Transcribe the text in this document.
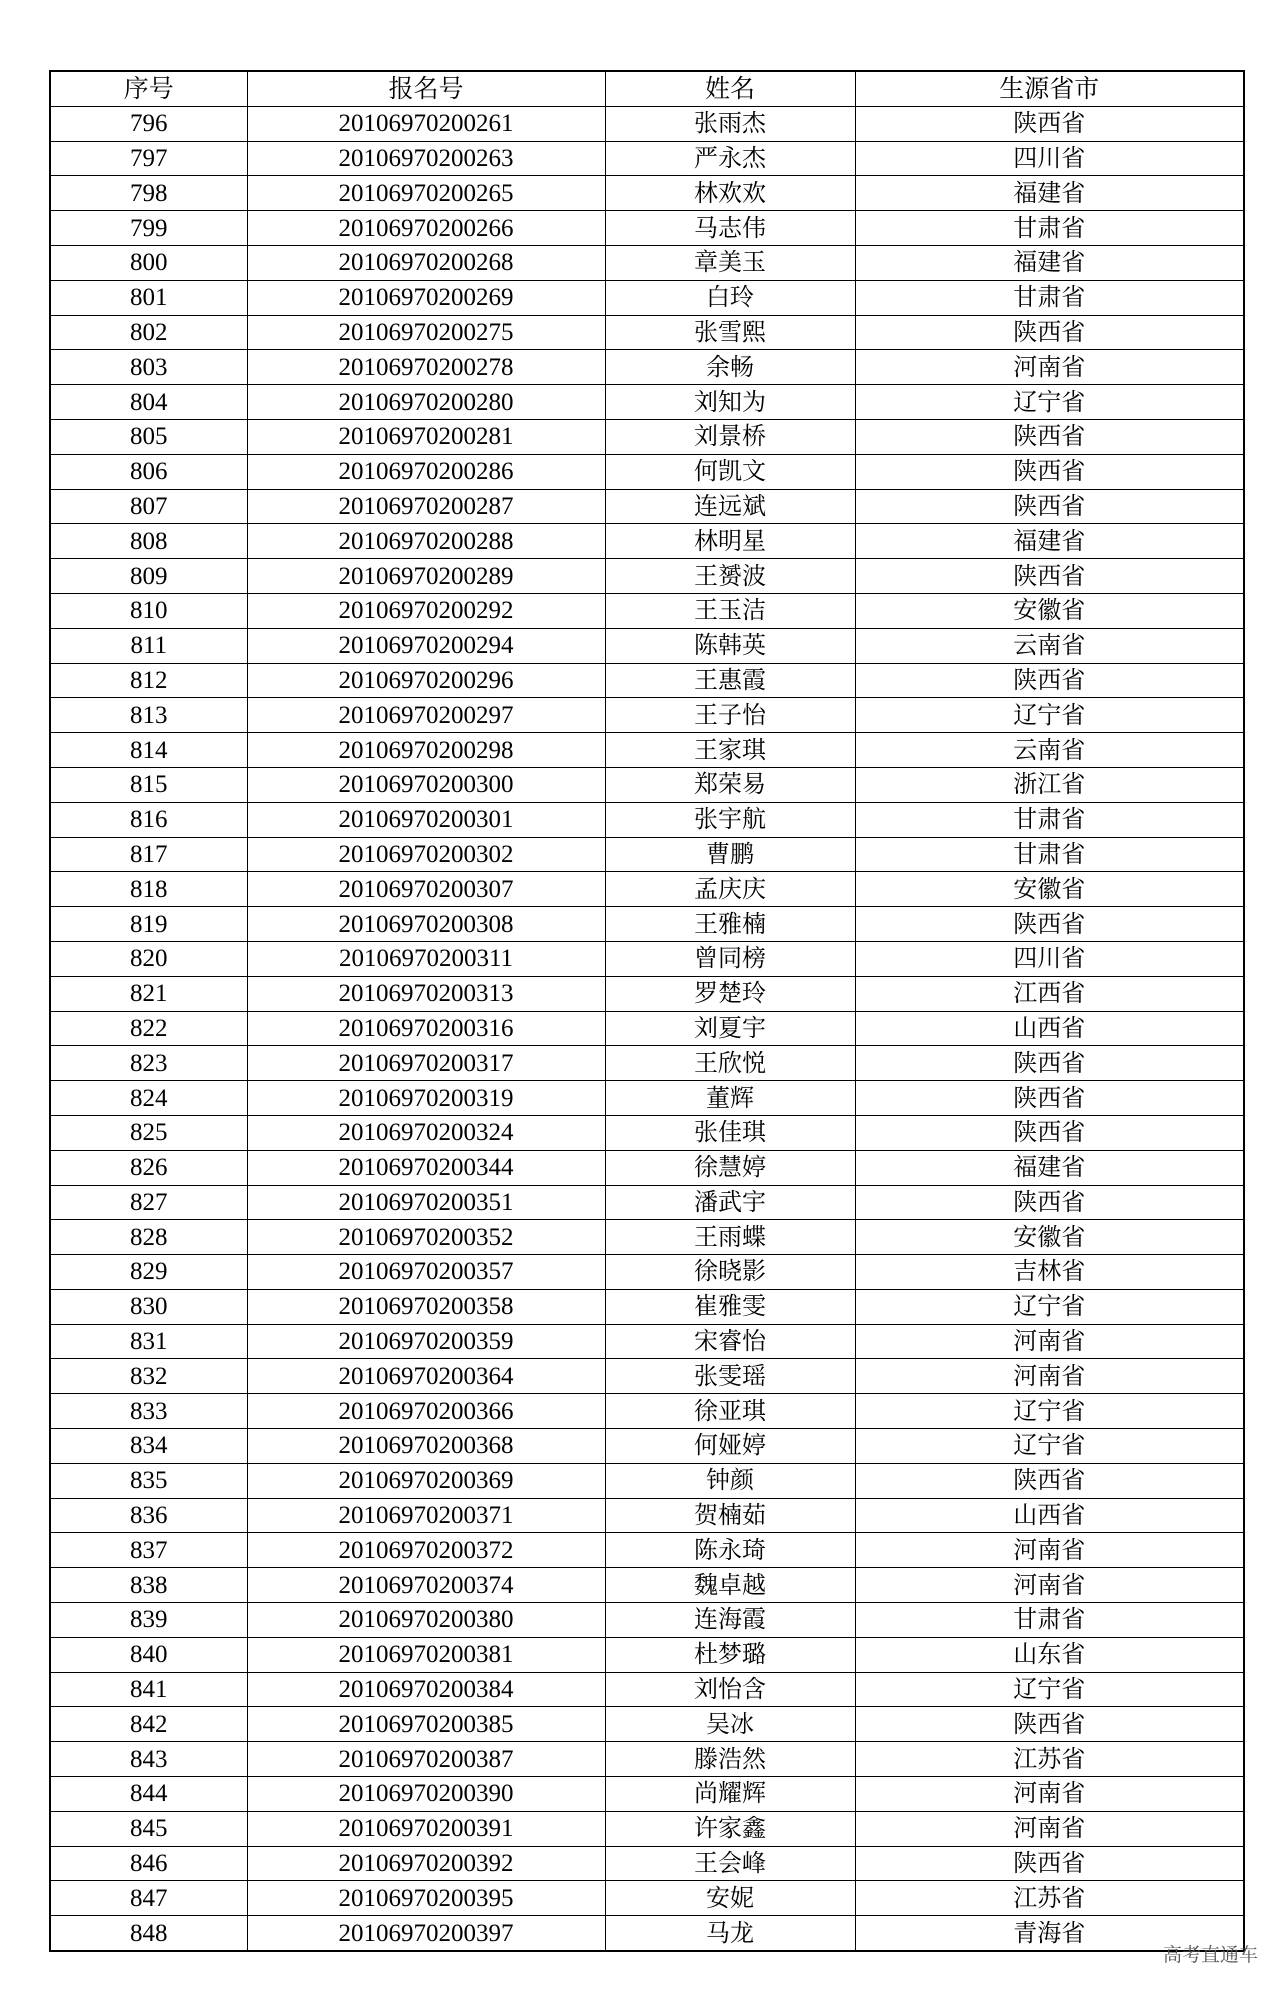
序号	报名号	姓名	生源省市
796	20106970200261	张雨杰	陕西省
797	20106970200263	严永杰	四川省
798	20106970200265	林欢欢	福建省
799	20106970200266	马志伟	甘肃省
800	20106970200268	章美玉	福建省
801	20106970200269	白玲	甘肃省
802	20106970200275	张雪熙	陕西省
803	20106970200278	余畅	河南省
804	20106970200280	刘知为	辽宁省
805	20106970200281	刘景桥	陕西省
806	20106970200286	何凯文	陕西省
807	20106970200287	连远斌	陕西省
808	20106970200288	林明星	福建省
809	20106970200289	王赟波	陕西省
810	20106970200292	王玉洁	安徽省
811	20106970200294	陈韩英	云南省
812	20106970200296	王惠霞	陕西省
813	20106970200297	王子怡	辽宁省
814	20106970200298	王家琪	云南省
815	20106970200300	郑荣易	浙江省
816	20106970200301	张宇航	甘肃省
817	20106970200302	曹鹏	甘肃省
818	20106970200307	孟庆庆	安徽省
819	20106970200308	王雅楠	陕西省
820	20106970200311	曾同榜	四川省
821	20106970200313	罗楚玲	江西省
822	20106970200316	刘夏宇	山西省
823	20106970200317	王欣悦	陕西省
824	20106970200319	董辉	陕西省
825	20106970200324	张佳琪	陕西省
826	20106970200344	徐慧婷	福建省
827	20106970200351	潘武宇	陕西省
828	20106970200352	王雨蝶	安徽省
829	20106970200357	徐晓影	吉林省
830	20106970200358	崔雅雯	辽宁省
831	20106970200359	宋睿怡	河南省
832	20106970200364	张雯瑶	河南省
833	20106970200366	徐亚琪	辽宁省
834	20106970200368	何娅婷	辽宁省
835	20106970200369	钟颜	陕西省
836	20106970200371	贺楠茹	山西省
837	20106970200372	陈永琦	河南省
838	20106970200374	魏卓越	河南省
839	20106970200380	连海霞	甘肃省
840	20106970200381	杜梦璐	山东省
841	20106970200384	刘怡含	辽宁省
842	20106970200385	吴冰	陕西省
843	20106970200387	滕浩然	江苏省
844	20106970200390	尚耀辉	河南省
845	20106970200391	许家鑫	河南省
846	20106970200392	王会峰	陕西省
847	20106970200395	安妮	江苏省
848	20106970200397	马龙	青海省
高考直通车
